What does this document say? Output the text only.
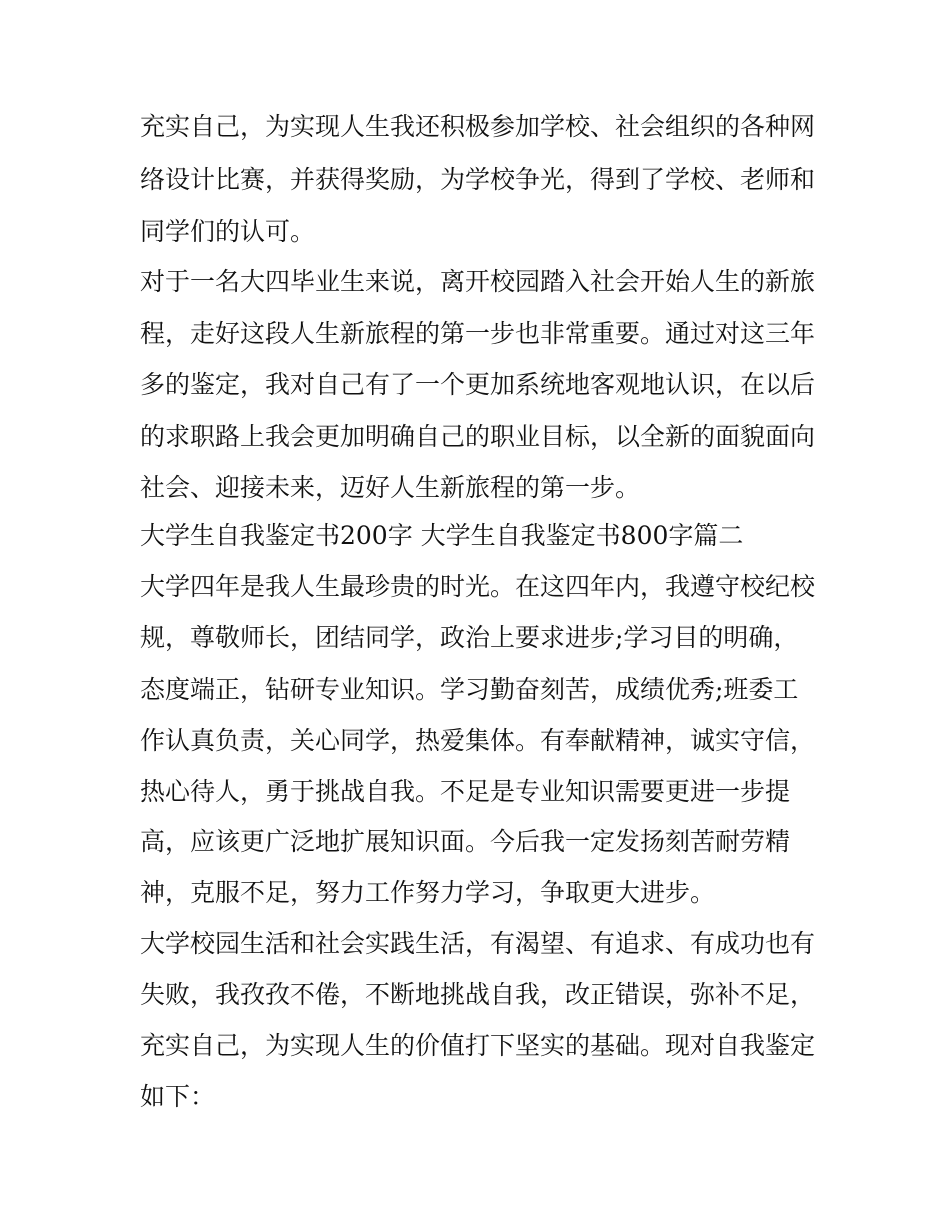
充实自己，为实现人生我还积极参加学校、社会组织的各种网
络设计比赛，并获得奖励，为学校争光，得到了学校、老师和
同学们的认可。
对于一名大四毕业生来说，离开校园踏入社会开始人生的新旅
程，走好这段人生新旅程的第一步也非常重要。通过对这三年
多的鉴定，我对自己有了一个更加系统地客观地认识，在以后
的求职路上我会更加明确自己的职业目标，以全新的面貌面向
社会、迎接未来，迈好人生新旅程的第一步。
大学生自我鉴定书200字 大学生自我鉴定书800字篇二
大学四年是我人生最珍贵的时光。在这四年内，我遵守校纪校
规，尊敬师长，团结同学，政治上要求进步;学习目的明确，
态度端正，钻研专业知识。学习勤奋刻苦，成绩优秀;班委工
作认真负责，关心同学，热爱集体。有奉献精神，诚实守信，
热心待人，勇于挑战自我。不足是专业知识需要更进一步提
高，应该更广泛地扩展知识面。今后我一定发扬刻苦耐劳精
神，克服不足，努力工作努力学习，争取更大进步。
大学校园生活和社会实践生活，有渴望、有追求、有成功也有
失败，我孜孜不倦，不断地挑战自我，改正错误，弥补不足，
充实自己，为实现人生的价值打下坚实的基础。现对自我鉴定
如下：
